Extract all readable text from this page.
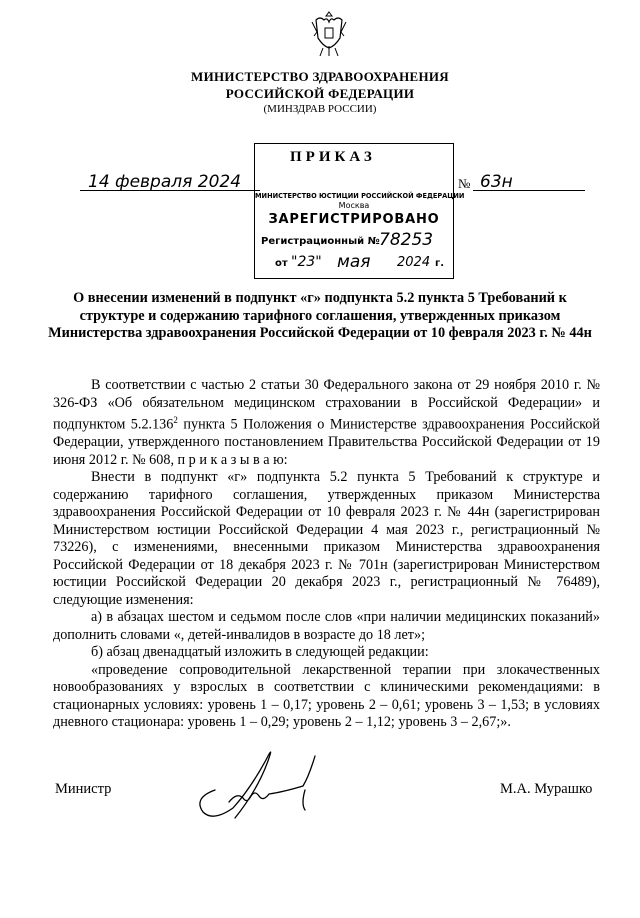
МИНИСТЕРСТВО ЗДРАВООХРАНЕНИЯ
РОССИЙСКОЙ ФЕДЕРАЦИИ
(МИНЗДРАВ РОССИИ)
ПРИКАЗ
14 февраля 2024	№ 63н
МИНИСТЕРСТВО ЮСТИЦИИ РОССИЙСКОЙ ФЕДЕРАЦИИ
Москва
ЗАРЕГИСТРИРОВАНО
Регистрационный № 78253
от "23" мая 2024 г.
О внесении изменений в подпункт «г» подпункта 5.2 пункта 5 Требований к структуре и содержанию тарифного соглашения, утвержденных приказом Министерства здравоохранения Российской Федерации от 10 февраля 2023 г. № 44н

В соответствии с частью 2 статьи 30 Федерального закона от 29 ноября 2010 г. № 326-ФЗ «Об обязательном медицинском страховании в Российской Федерации» и подпунктом 5.2.136$^2$ пункта 5 Положения о Министерстве здравоохранения Российской Федерации, утвержденного постановлением Правительства Российской Федерации от 19 июня 2012 г. № 608, п р и к а з ы в а ю:

Внести в подпункт «г» подпункта 5.2 пункта 5 Требований к структуре и содержанию тарифного соглашения, утвержденных приказом Министерства здравоохранения Российской Федерации от 10 февраля 2023 г. № 44н (зарегистрирован Министерством юстиции Российской Федерации 4 мая 2023 г., регистрационный № 73226), с изменениями, внесенными приказом Министерства здравоохранения Российской Федерации от 18 декабря 2023 г. № 701н (зарегистрирован Министерством юстиции Российской Федерации 20 декабря 2023 г., регистрационный № 76489), следующие изменения:

а) в абзацах шестом и седьмом после слов «при наличии медицинских показаний» дополнить словами «, детей-инвалидов в возрасте до 18 лет»;

б) абзац двенадцатый изложить в следующей редакции:

«проведение сопроводительной лекарственной терапии при злокачественных новообразованиях у взрослых в соответствии с клиническими рекомендациями: в стационарных условиях: уровень 1 – 0,17; уровень 2 – 0,61; уровень 3 – 1,53; в условиях дневного стационара: уровень 1 – 0,29; уровень 2 – 1,12; уровень 3 – 2,67;».

Министр	М.А. Мурашко
